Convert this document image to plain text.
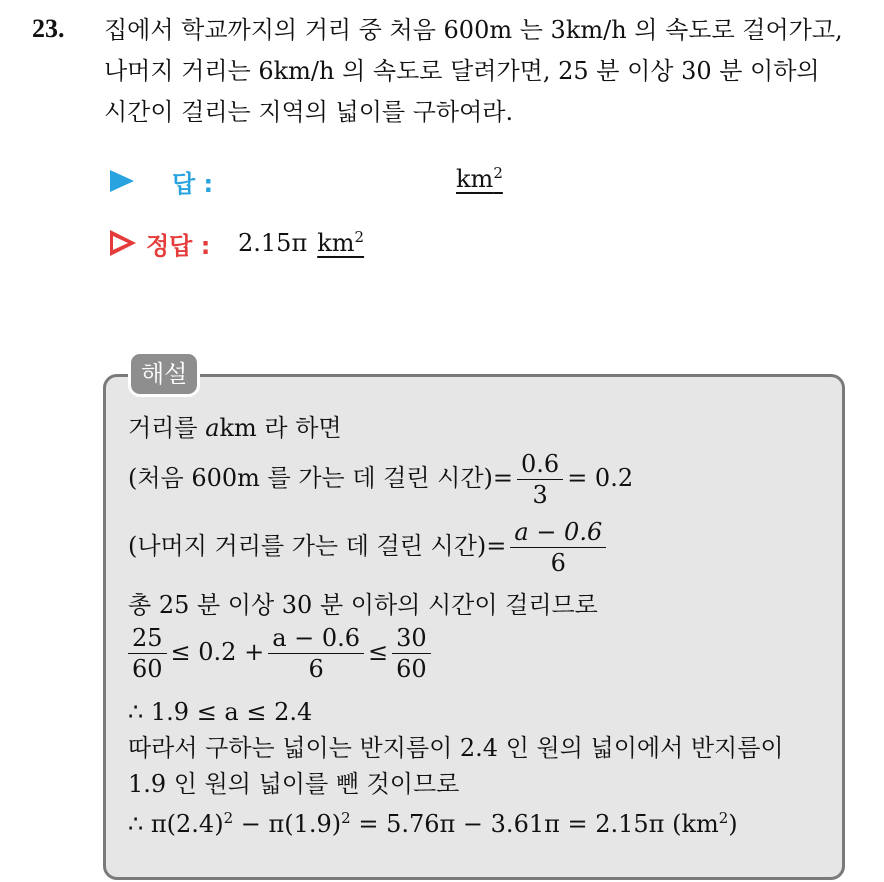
23. 집에서 학교까지의 거리 중 처음 600m 는 3km/h 의 속도로 걸어가고,
나머지 거리는 6km/h 의 속도로 달려가면, 25 분 이상 30 분 이하의
시간이 걸리는 지역의 넓이를 구하여라.
답 :	$km^2$
정답 : 2.15π $km^2$
해설
거리를 akm 라 하면
(처음 600m 를 가는 데 걸린 시간)= $\frac{0.6}{3} = 0.2$
(나머지 거리를 가는 데 걸린 시간)= $\frac{a - 0.6}{6}$
총 25 분 이상 30 분 이하의 시간이 걸리므로
$\frac{25}{60} \le 0.2 + \frac{a - 0.6}{6} \le \frac{30}{60}$
∴ 1.9 ≤ a ≤ 2.4
따라서 구하는 넓이는 반지름이 2.4 인 원의 넓이에서 반지름이
1.9 인 원의 넓이를 뺀 것이므로
∴ $\pi(2.4)^2 - \pi(1.9)^2 = 5.76\pi - 3.61\pi = 2.15\pi$ $(km^2)$
